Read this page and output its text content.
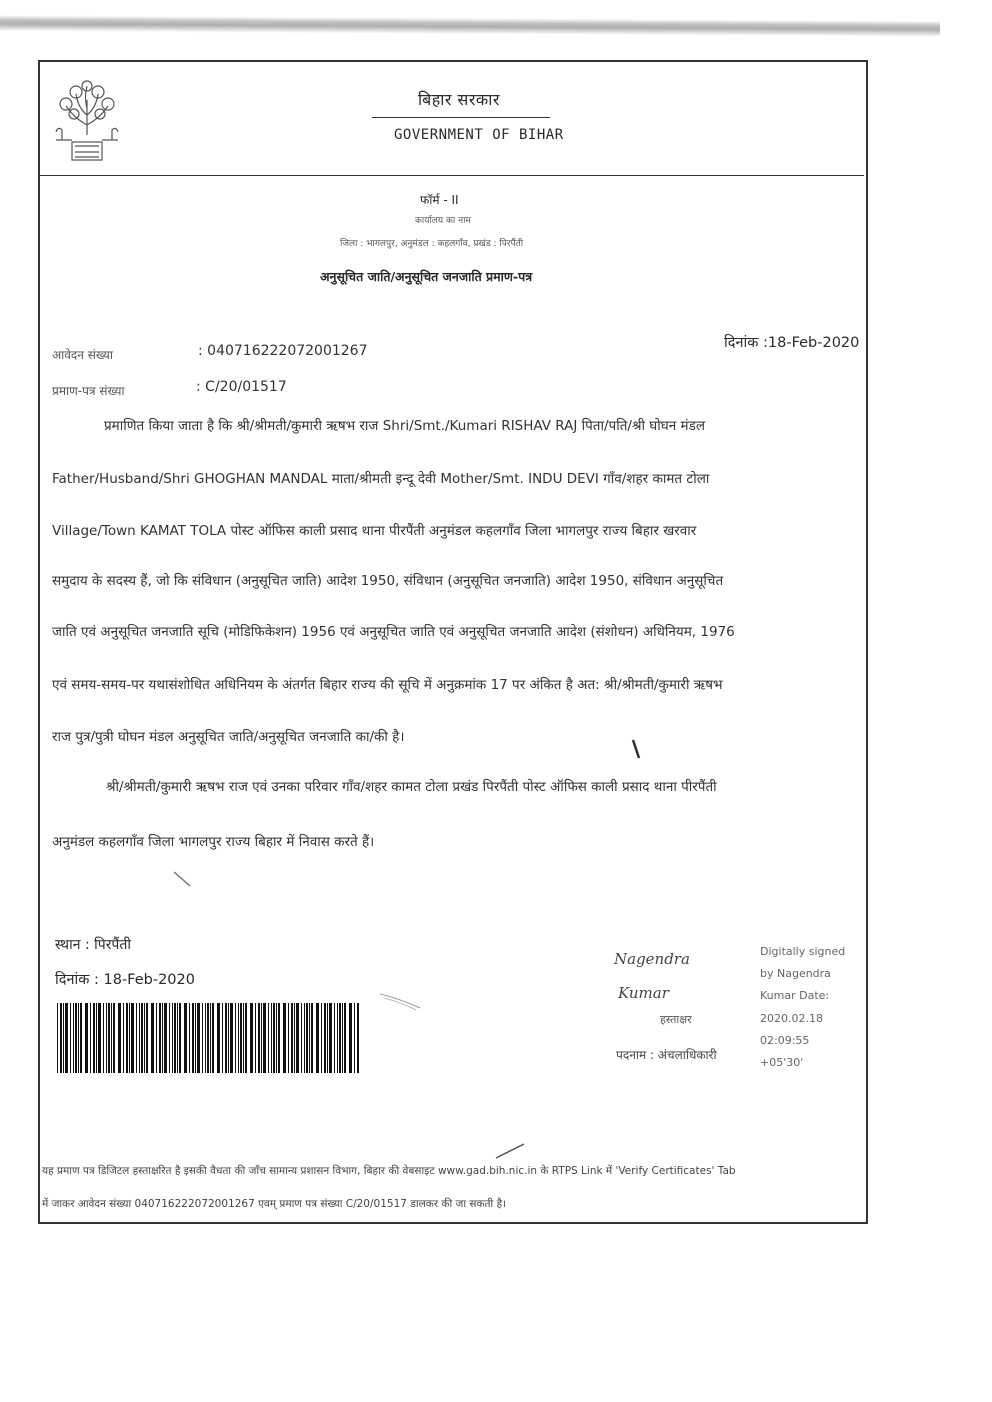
बिहार सरकार
GOVERNMENT OF BIHAR
फॉर्म - II
कार्यालय का नाम
जिला : भागलपुर, अनुमंडल : कहलगाँव, प्रखंड : पिरपैंती
अनुसूचित जाति/अनुसूचित जनजाति प्रमाण-पत्र
दिनांक :18-Feb-2020
आवेदन संख्या	: 040716222072001267
प्रमाण-पत्र संख्या	: C/20/01517
प्रमाणित किया जाता है कि श्री/श्रीमती/कुमारी ऋषभ राज Shri/Smt./Kumari RISHAV RAJ पिता/पति/श्री घोघन मंडल
Father/Husband/Shri GHOGHAN MANDAL माता/श्रीमती इन्दू देवी Mother/Smt. INDU DEVI गाँव/शहर कामत टोला
Village/Town KAMAT TOLA पोस्ट ऑफिस काली प्रसाद थाना पीरपैंती अनुमंडल कहलगाँव जिला भागलपुर राज्य बिहार खरवार
समुदाय के सदस्य हैं, जो कि संविधान (अनुसूचित जाति) आदेश 1950, संविधान (अनुसूचित जनजाति) आदेश 1950, संविधान अनुसूचित
जाति एवं अनुसूचित जनजाति सूचि (मोडिफिकेशन) 1956 एवं अनुसूचित जाति एवं अनुसूचित जनजाति आदेश (संशोधन) अधिनियम, 1976
एवं समय-समय-पर यथासंशोधित अधिनियम के अंतर्गत बिहार राज्य की सूचि में अनुक्रमांक 17 पर अंकित है अत: श्री/श्रीमती/कुमारी ऋषभ
राज पुत्र/पुत्री घोघन मंडल अनुसूचित जाति/अनुसूचित जनजाति का/की है।
श्री/श्रीमती/कुमारी ऋषभ राज एवं उनका परिवार गाँव/शहर कामत टोला प्रखंड पिरपैंती पोस्ट ऑफिस काली प्रसाद थाना पीरपैंती
अनुमंडल कहलगाँव जिला भागलपुर राज्य बिहार में निवास करते हैं।
स्थान : पिरपैंती
दिनांक : 18-Feb-2020
Nagendra
Kumar
हस्ताक्षर
पदनाम : अंचलाधिकारी
Digitally signed
by Nagendra
Kumar Date:
2020.02.18
02:09:55
+05'30'
यह प्रमाण पत्र डिजिटल हस्ताक्षरित है इसकी वैधता की जाँच सामान्य प्रशासन विभाग, बिहार की वेबसाइट www.gad.bih.nic.in के RTPS Link में 'Verify Certificates' Tab
में जाकर आवेदन संख्या 040716222072001267 एवम् प्रमाण पत्र संख्या C/20/01517 डालकर की जा सकती है।
